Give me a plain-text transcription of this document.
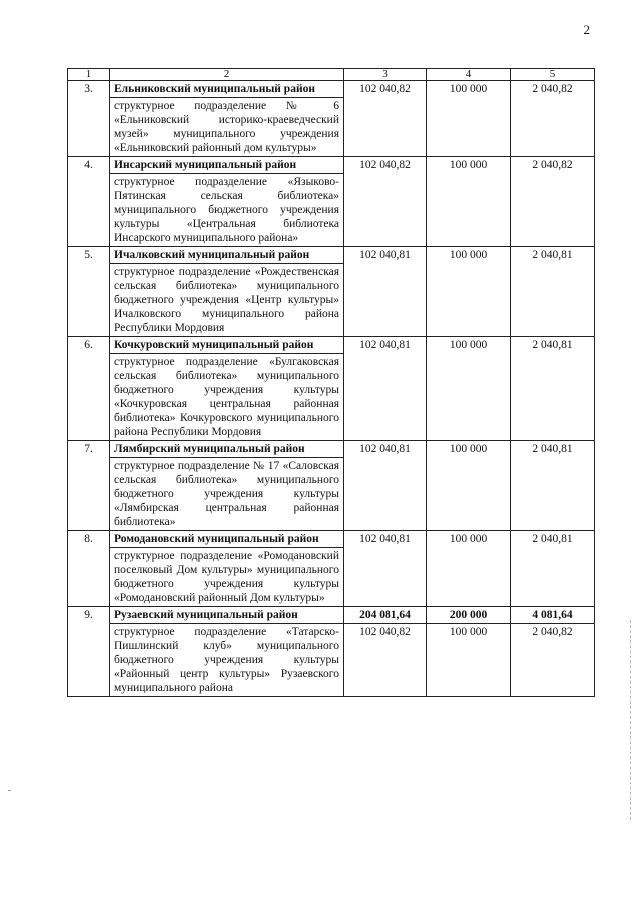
2
1	2	3	4	5
3.	Ельниковский муниципальный район	102 040,82	100 000	2 040,82
	структурное подразделение № 6 «Ельниковский историко-краеведческий музей» муниципального учреждения «Ельниковский районный дом культуры»			
4.	Инсарский муниципальный район	102 040,82	100 000	2 040,82
	структурное подразделение «Языково-Пятинская сельская библиотека» муниципального бюджетного учреждения культуры «Центральная библиотека Инсарского муниципального района»			
5.	Ичалковский муниципальный район	102 040,81	100 000	2 040,81
	структурное подразделение «Рождественская сельская библиотека» муниципального бюджетного учреждения «Центр культуры» Ичалковского муниципального района Республики Мордовия			
6.	Кочкуровский муниципальный район	102 040,81	100 000	2 040,81
	структурное подразделение «Булгаковская сельская библиотека» муниципального бюджетного учреждения культуры «Кочкуровская центральная районная библиотека» Кочкуровского муниципального района Республики Мордовия			
7.	Лямбирский муниципальный район	102 040,81	100 000	2 040,81
	структурное подразделение № 17 «Саловская сельская библиотека» муниципального бюджетного учреждения культуры «Лямбирская центральная районная библиотека»			
8.	Ромодановский муниципальный район	102 040,81	100 000	2 040,81
	структурное подразделение «Ромодановский поселковый Дом культуры» муниципального бюджетного учреждения культуры «Ромодановский районный Дом культуры»			
9.	Рузаевский муниципальный район	204 081,64	200 000	4 081,64
	структурное подразделение «Татарско-Пишлинский клуб» муниципального бюджетного учреждения культуры «Районный центр культуры» Рузаевского муниципального района	102 040,82	100 000	2 040,82
